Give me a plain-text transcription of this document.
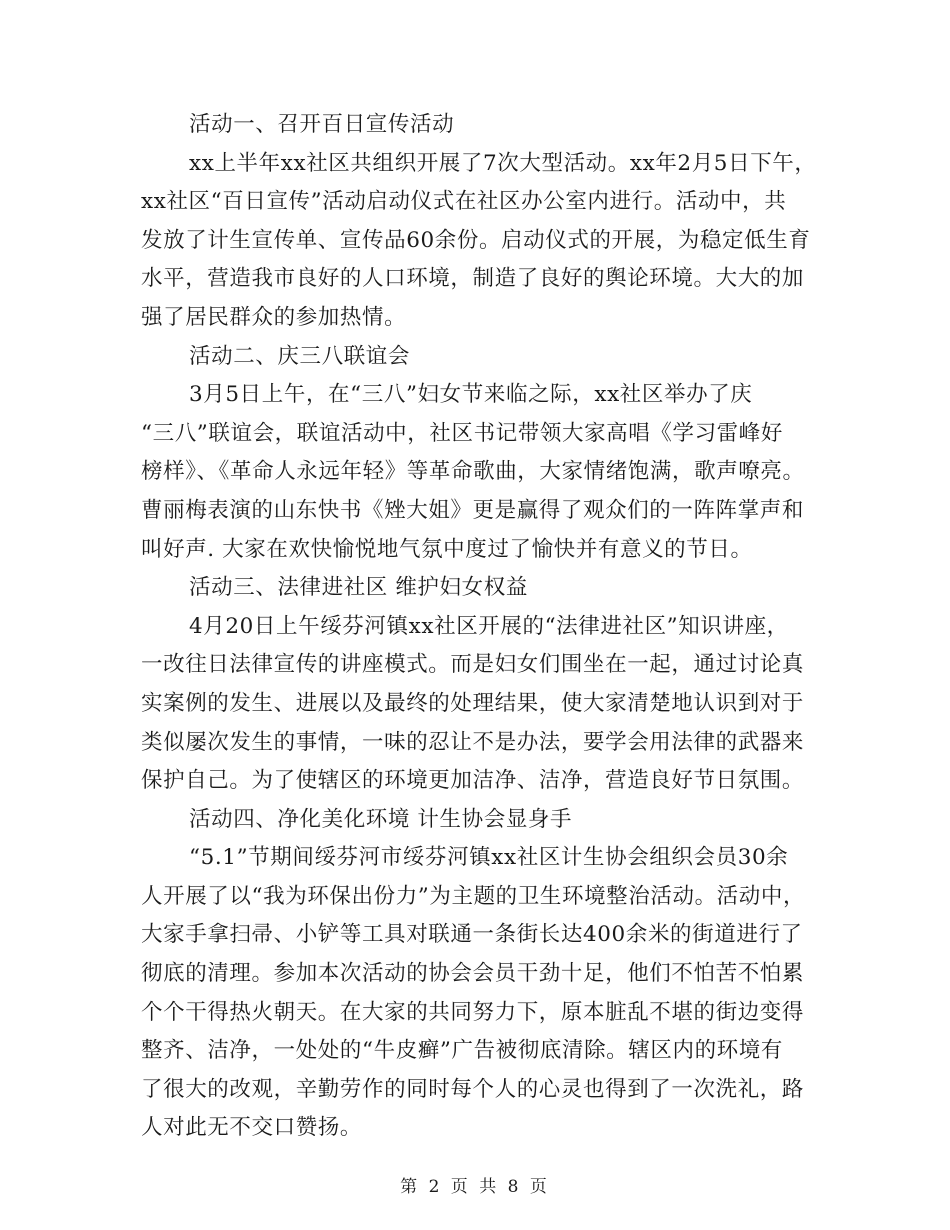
活动一、召开百日宣传活动
xx上半年xx社区共组织开展了7次大型活动。xx年2月5日下午，
xx社区“百日宣传”活动启动仪式在社区办公室内进行。活动中，共
发放了计生宣传单、宣传品60余份。启动仪式的开展，为稳定低生育
水平，营造我市良好的人口环境，制造了良好的舆论环境。大大的加
强了居民群众的参加热情。
活动二、庆三八联谊会
3月5日上午，在“三八”妇女节来临之际，xx社区举办了庆
“三八”联谊会，联谊活动中，社区书记带领大家高唱《学习雷峰好
榜样》、《革命人永远年轻》等革命歌曲，大家情绪饱满，歌声嘹亮。
曹丽梅表演的山东快书《矬大姐》更是赢得了观众们的一阵阵掌声和
叫好声. 大家在欢快愉悦地气氛中度过了愉快并有意义的节日。
活动三、法律进社区 维护妇女权益
4月20日上午绥芬河镇xx社区开展的“法律进社区”知识讲座，
一改往日法律宣传的讲座模式。而是妇女们围坐在一起，通过讨论真
实案例的发生、进展以及最终的处理结果，使大家清楚地认识到对于
类似屡次发生的事情，一味的忍让不是办法，要学会用法律的武器来
保护自己。为了使辖区的环境更加洁净、洁净，营造良好节日氛围。
活动四、净化美化环境 计生协会显身手
“5.1”节期间绥芬河市绥芬河镇xx社区计生协会组织会员30余
人开展了以“我为环保出份力”为主题的卫生环境整治活动。活动中，
大家手拿扫帚、小铲等工具对联通一条街长达400余米的街道进行了
彻底的清理。参加本次活动的协会会员干劲十足，他们不怕苦不怕累
个个干得热火朝天。在大家的共同努力下，原本脏乱不堪的街边变得
整齐、洁净，一处处的“牛皮癣”广告被彻底清除。辖区内的环境有
了很大的改观，辛勤劳作的同时每个人的心灵也得到了一次洗礼，路
人对此无不交口赞扬。
第 2 页 共 8 页
